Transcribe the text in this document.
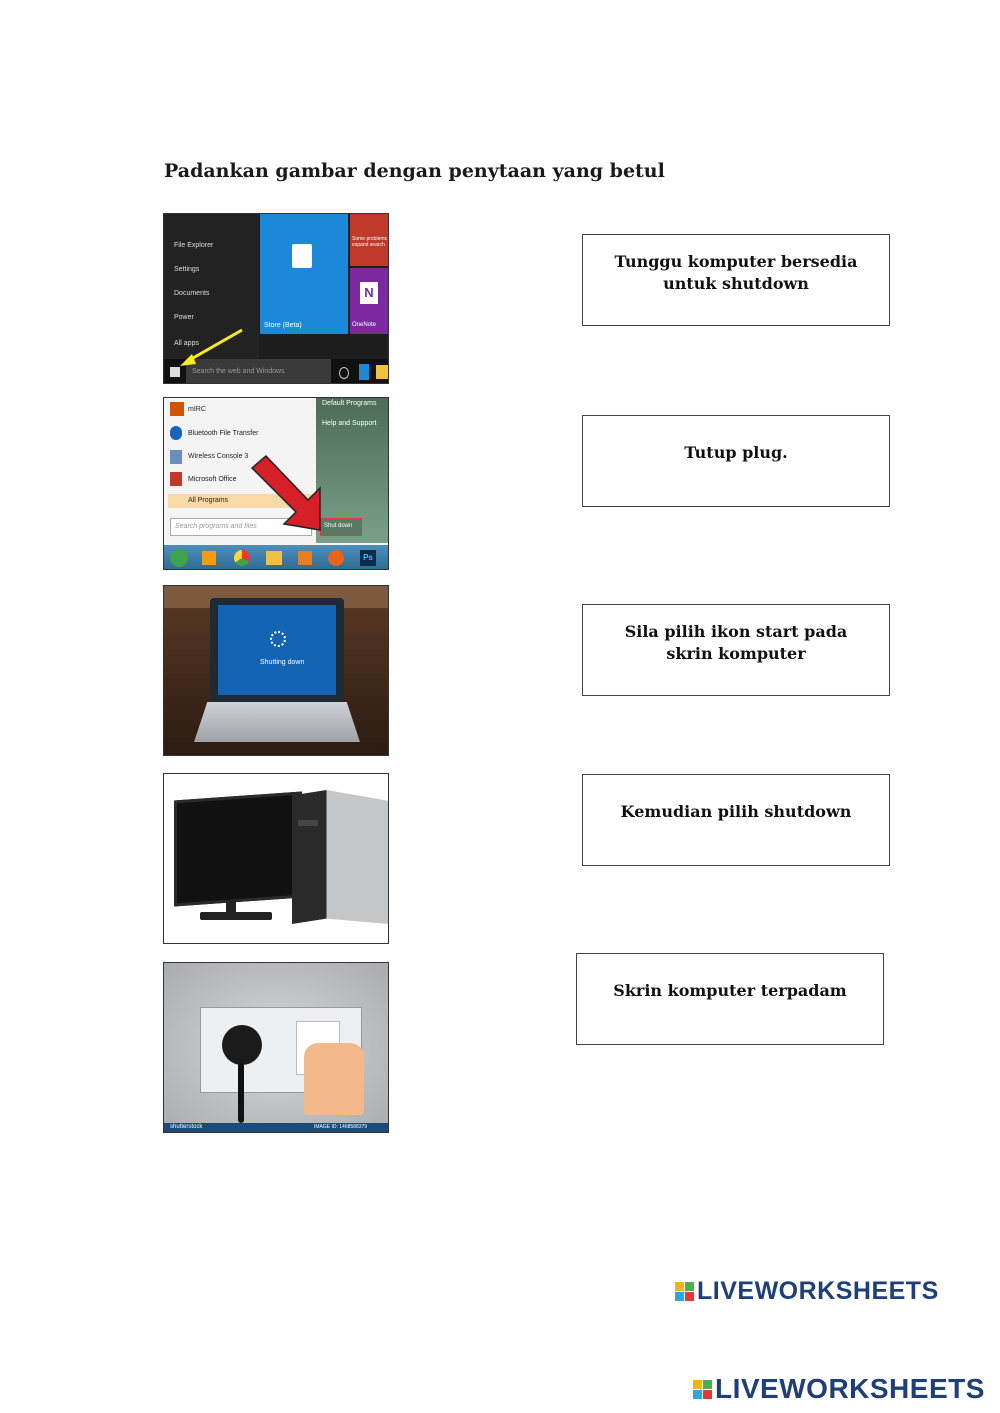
Padankan gambar dengan penytaan yang betul
File Explorer
Settings
Documents
Power
All apps
Store (Beta)
N
OneNote
Some problems expand search
Search the web and Windows
Default Programs
Help and Support
mIRC
Bluetooth File Transfer
Wireless Console 3
Microsoft Office
All Programs
Search programs and files	Shut down
Ps
Shutting down
shutterstock	IMAGE ID: 1468588379
Tunggu komputer bersedia untuk shutdown
Tutup plug.
Sila pilih ikon start pada skrin komputer
Kemudian pilih shutdown
Skrin komputer terpadam
LIVEWORKSHEETS
LIVEWORKSHEETS
